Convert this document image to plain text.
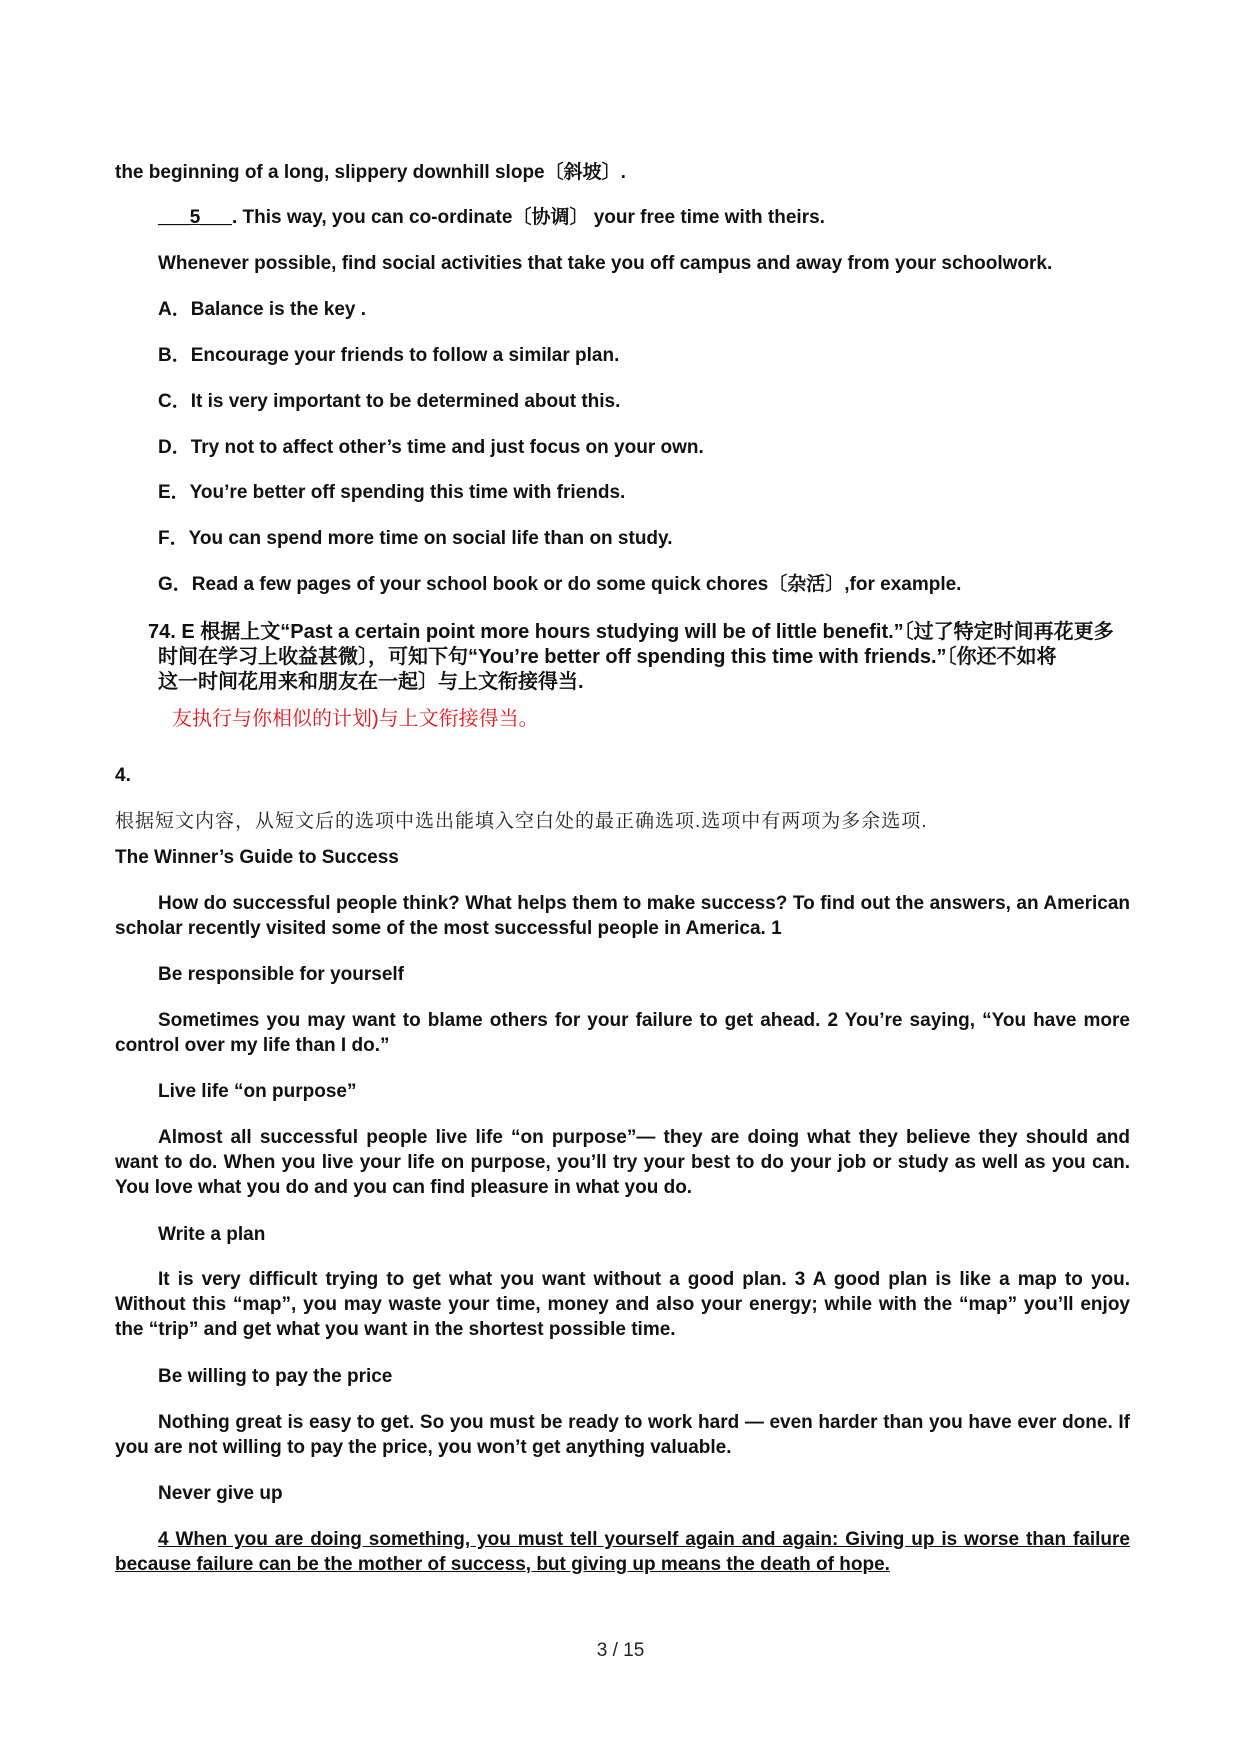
the beginning of a long, slippery downhill slope〔斜坡〕.
___5___. This way, you can co-ordinate〔协调〕 your free time with theirs.
Whenever possible, find social activities that take you off campus and away from your schoolwork.
A．Balance is the key .
B．Encourage your friends to follow a similar plan.
C．It is very important to be determined about this.
D．Try not to affect other’s time and just focus on your own.
E．You’re better off spending this time with friends.
F．You can spend more time on social life than on study.
G．Read a few pages of your school book or do some quick chores〔杂活〕,for example.
74. E 根据上文“Past a certain point more hours studying will be of little benefit.”〔过了特定时间再花更多
时间在学习上收益甚微〕，可知下句“You’re better off spending this time with friends.”〔你还不如将
这一时间花用来和朋友在一起〕与上文衔接得当.
友执行与你相似的计划)与上文衔接得当。
4.
根据短文内容，从短文后的选项中选出能填入空白处的最正确选项.选项中有两项为多余选项.
The Winner’s Guide to Success
How do successful people think? What helps them to make success? To find out the answers, an American scholar recently visited some of the most successful people in America. 1
Be responsible for yourself
Sometimes you may want to blame others for your failure to get ahead. 2 You’re saying, “You have more control over my life than I do.”
Live life “on purpose”
Almost all successful people live life “on purpose”— they are doing what they believe they should and want to do. When you live your life on purpose, you’ll try your best to do your job or study as well as you can. You love what you do and you can find pleasure in what you do.
Write a plan
It is very difficult trying to get what you want without a good plan. 3 A good plan is like a map to you. Without this “map”, you may waste your time, money and also your energy; while with the “map” you’ll enjoy the “trip” and get what you want in the shortest possible time.
Be willing to pay the price
Nothing great is easy to get. So you must be ready to work hard — even harder than you have ever done. If you are not willing to pay the price, you won’t get anything valuable.
Never give up
4 When you are doing something, you must tell yourself again and again: Giving up is worse than failure because failure can be the mother of success, but giving up means the death of hope.
3 / 15
